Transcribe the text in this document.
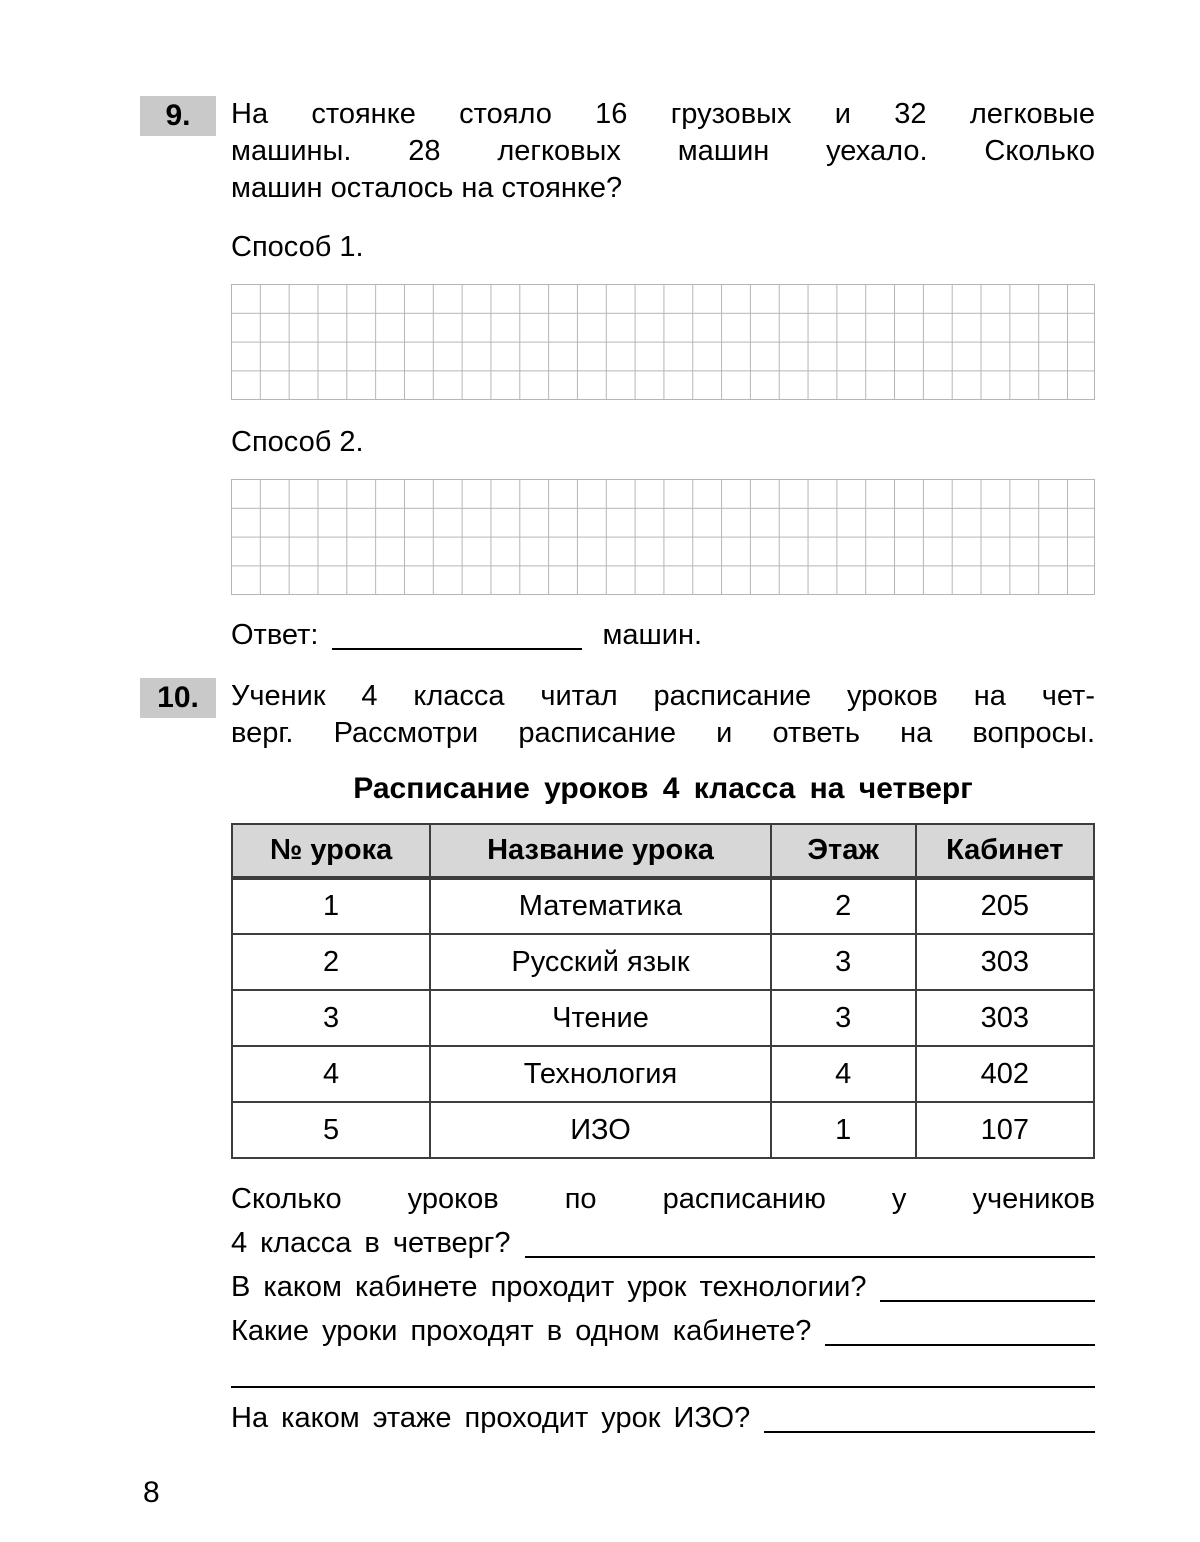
9.	На стоянке стояло 16 грузовых и 32 легковые
машины. 28 легковых машин уехало. Сколько
машин осталось на стоянке?
Способ 1.
Способ 2.
Ответ:	машин.
10.	Ученик 4 класса читал расписание уроков на чет-
верг. Рассмотри расписание и ответь на вопросы.
Расписание уроков 4 класса на четверг
№ урока	Название урока	Этаж	Кабинет
1	Математика	2	205
2	Русский язык	3	303
3	Чтение	3	303
4	Технология	4	402
5	ИЗО	1	107
Сколько уроков по расписанию у учеников
4 класса в четверг?
В каком кабинете проходит урок технологии?
Какие уроки проходят в одном кабинете?
На каком этаже проходит урок ИЗО?
8
